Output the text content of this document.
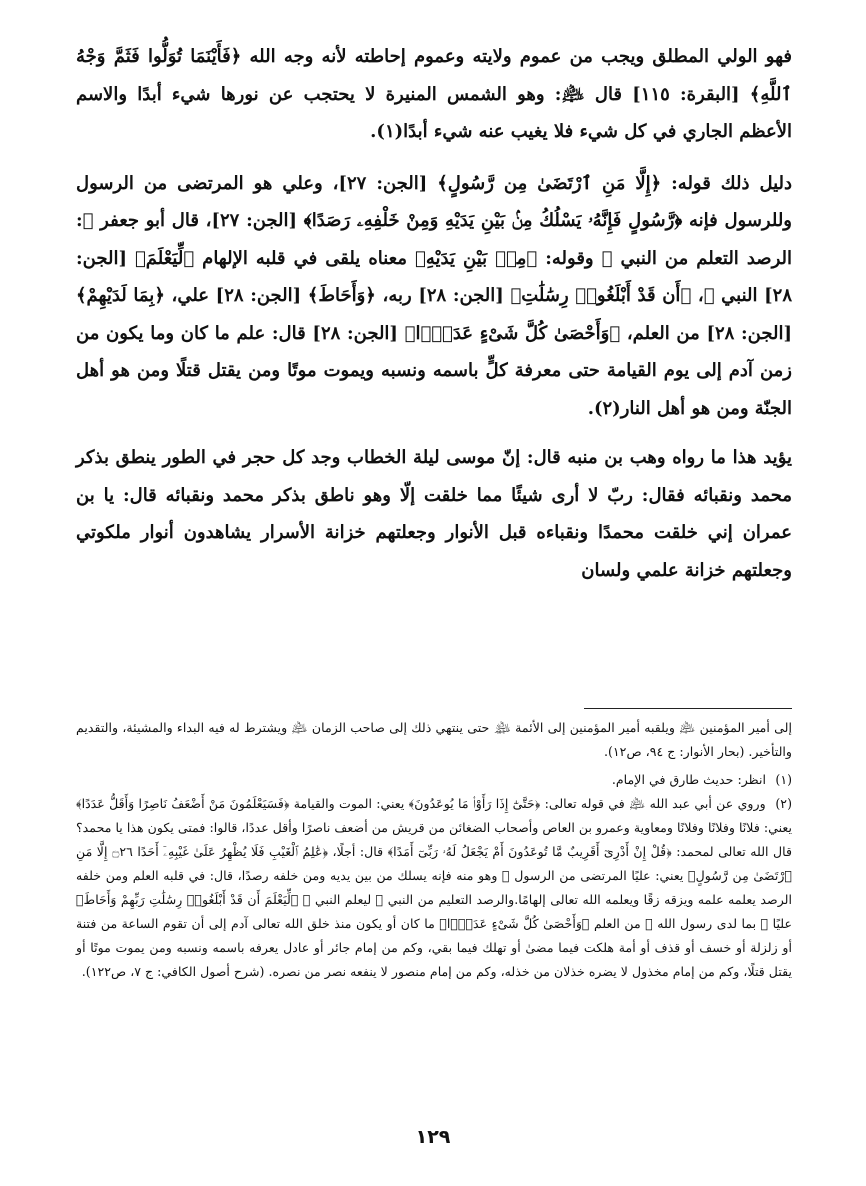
فهو الولي المطلق ويجب من عموم ولايته وعموم إحاطته لأنه وجه الله ﴿فَأَيْنَمَا تُوَلُّوا فَثَمَّ وَجْهُ ٱللَّهِ﴾ [البقرة: ١١٥] قال ﵇: وهو الشمس المنيرة لا يحتجب عن نورها شيء أبدًا والاسم الأعظم الجاري في كل شيء فلا يغيب عنه شيء أبدًا(١).

دليل ذلك قوله: ﴿إِلَّا مَنِ ٱرْتَضَىٰ مِن رَّسُولٍ﴾ [الجن: ٢٧]، وعلي هو المرتضى من الرسول وللرسول فإنه ﴿رَّسُولٍ فَإِنَّهُۥ يَسْلُكُ مِنۢ بَيْنِ يَدَيْهِ وَمِنْ خَلْفِهِۦ رَصَدًا﴾ [الجن: ٢٧]، قال أبو جعفر ﵇: الرصد التعلم من النبي ﷺ وقوله: ﴿مِنۢ بَيْنِ يَدَيْهِ﴾ معناه يلقى في قلبه الإلهام ﴿لِّيَعْلَمَ﴾ [الجن: ٢٨] النبي ﷺ، ﴿أَن قَدْ أَبْلَغُوا۟ رِسَٰلَٰتِ﴾ [الجن: ٢٨] ربه، ﴿وَأَحَاطَ﴾ [الجن: ٢٨] علي، ﴿بِمَا لَدَيْهِمْ﴾ [الجن: ٢٨] من العلم، ﴿وَأَحْصَىٰ كُلَّ شَىْءٍ عَدَدًۢا﴾ [الجن: ٢٨] قال: علم ما كان وما يكون من زمن آدم إلى يوم القيامة حتى معرفة كلٍّ باسمه ونسبه ويموت موتًا ومن يقتل قتلًا ومن هو أهل الجنّة ومن هو أهل النار(٢).

يؤيد هذا ما رواه وهب بن منبه قال: إنّ موسى ليلة الخطاب وجد كل حجر في الطور ينطق بذكر محمد ونقبائه فقال: ربّ لا أرى شيئًا مما خلقت إلّا وهو ناطق بذكر محمد ونقبائه قال: يا بن عمران إني خلقت محمدًا ونقباءه قبل الأنوار وجعلتهم خزانة الأسرار يشاهدون أنوار ملكوتي وجعلتهم خزانة علمي ولسان

إلى أمير المؤمنين ﵇ ويلقبه أمير المؤمنين إلى الأئمة ﵈ حتى ينتهي ذلك إلى صاحب الزمان ﵇ ويشترط له فيه البداء والمشيئة، والتقديم والتأخير. (بحار الأنوار: ج ٩٤، ص١٢).

(١) انظر: حديث طارق في الإمام.

(٢) وروي عن أبي عبد الله ﵇ في قوله تعالى: ﴿حَتَّىٰٓ إِذَا رَأَوْا۟ مَا يُوعَدُونَ﴾ يعني: الموت والقيامة ﴿فَسَيَعْلَمُونَ مَنْ أَضْعَفُ نَاصِرًا وَأَقَلُّ عَدَدًا﴾ يعني: فلانًا وفلانًا وفلانًا ومعاوية وعمرو بن العاص وأصحاب الضغائن من قريش من أضعف ناصرًا وأقل عددًا، قالوا: فمتى يكون هذا يا محمد؟ قال الله تعالى لمحمد: ﴿قُلْ إِنْ أَدْرِىٓ أَقَرِيبٌ مَّا تُوعَدُونَ أَمْ يَجْعَلُ لَهُۥ رَبِّىٓ أَمَدًا﴾ قال: أجلًا، ﴿عَٰلِمُ ٱلْغَيْبِ فَلَا يُظْهِرُ عَلَىٰ غَيْبِهِۦٓ أَحَدًا ۝٢٦ إِلَّا مَنِ ٱرْتَضَىٰ مِن رَّسُولٍ﴾ يعني: عليًا المرتضى من الرسول ﷺ وهو منه فإنه يسلك من بين يديه ومن خلفه رصدًا، قال: في قلبه العلم ومن خلفه الرصد يعلمه علمه ويزقه زقًا ويعلمه الله تعالى إلهامًا.والرصد التعليم من النبي ﷺ ليعلم النبي ﷺ ﴿لِّيَعْلَمَ أَن قَدْ أَبْلَغُوا۟ رِسَٰلَٰتِ رَبِّهِمْ وَأَحَاطَ﴾ عليًا ﵇ بما لدى رسول الله ﷺ من العلم ﴿وَأَحْصَىٰ كُلَّ شَىْءٍ عَدَدًۢا﴾ ما كان أو يكون منذ خلق الله تعالى آدم إلى أن تقوم الساعة من فتنة أو زلزلة أو خسف أو قذف أو أمة هلكت فيما مضىٰ أو تهلك فيما بقي، وكم من إمام جائر أو عادل يعرفه باسمه ونسبه ومن يموت موتًا أو يقتل قتلًا، وكم من إمام مخذول لا يضره خذلان من خذله، وكم من إمام منصور لا ينفعه نصر من نصره. (شرح أصول الكافي: ج ٧، ص١٢٢).

١٢٩
